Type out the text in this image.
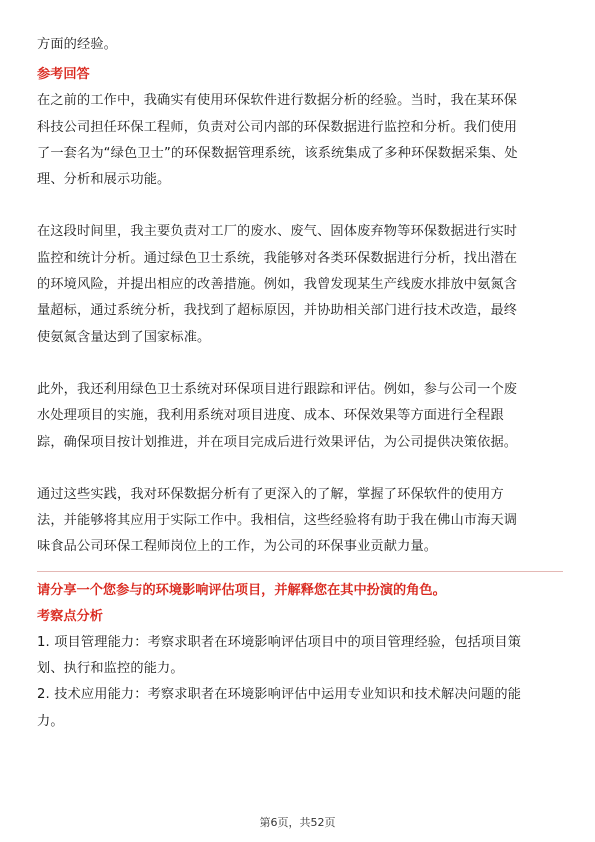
方面的经验。
参考回答
在之前的工作中，我确实有使用环保软件进行数据分析的经验。当时，我在某环保
科技公司担任环保工程师，负责对公司内部的环保数据进行监控和分析。我们使用
了一套名为“绿色卫士”的环保数据管理系统，该系统集成了多种环保数据采集、处
理、分析和展示功能。
在这段时间里，我主要负责对工厂的废水、废气、固体废弃物等环保数据进行实时
监控和统计分析。通过绿色卫士系统，我能够对各类环保数据进行分析，找出潜在
的环境风险，并提出相应的改善措施。例如，我曾发现某生产线废水排放中氨氮含
量超标，通过系统分析，我找到了超标原因，并协助相关部门进行技术改造，最终
使氨氮含量达到了国家标准。
此外，我还利用绿色卫士系统对环保项目进行跟踪和评估。例如，参与公司一个废
水处理项目的实施，我利用系统对项目进度、成本、环保效果等方面进行全程跟
踪，确保项目按计划推进，并在项目完成后进行效果评估，为公司提供决策依据。
通过这些实践，我对环保数据分析有了更深入的了解，掌握了环保软件的使用方
法，并能够将其应用于实际工作中。我相信，这些经验将有助于我在佛山市海天调
味食品公司环保工程师岗位上的工作，为公司的环保事业贡献力量。
请分享一个您参与的环境影响评估项目，并解释您在其中扮演的角色。
考察点分析
1. 项目管理能力：考察求职者在环境影响评估项目中的项目管理经验，包括项目策
划、执行和监控的能力。
2. 技术应用能力：考察求职者在环境影响评估中运用专业知识和技术解决问题的能
力。
第6页，共52页
